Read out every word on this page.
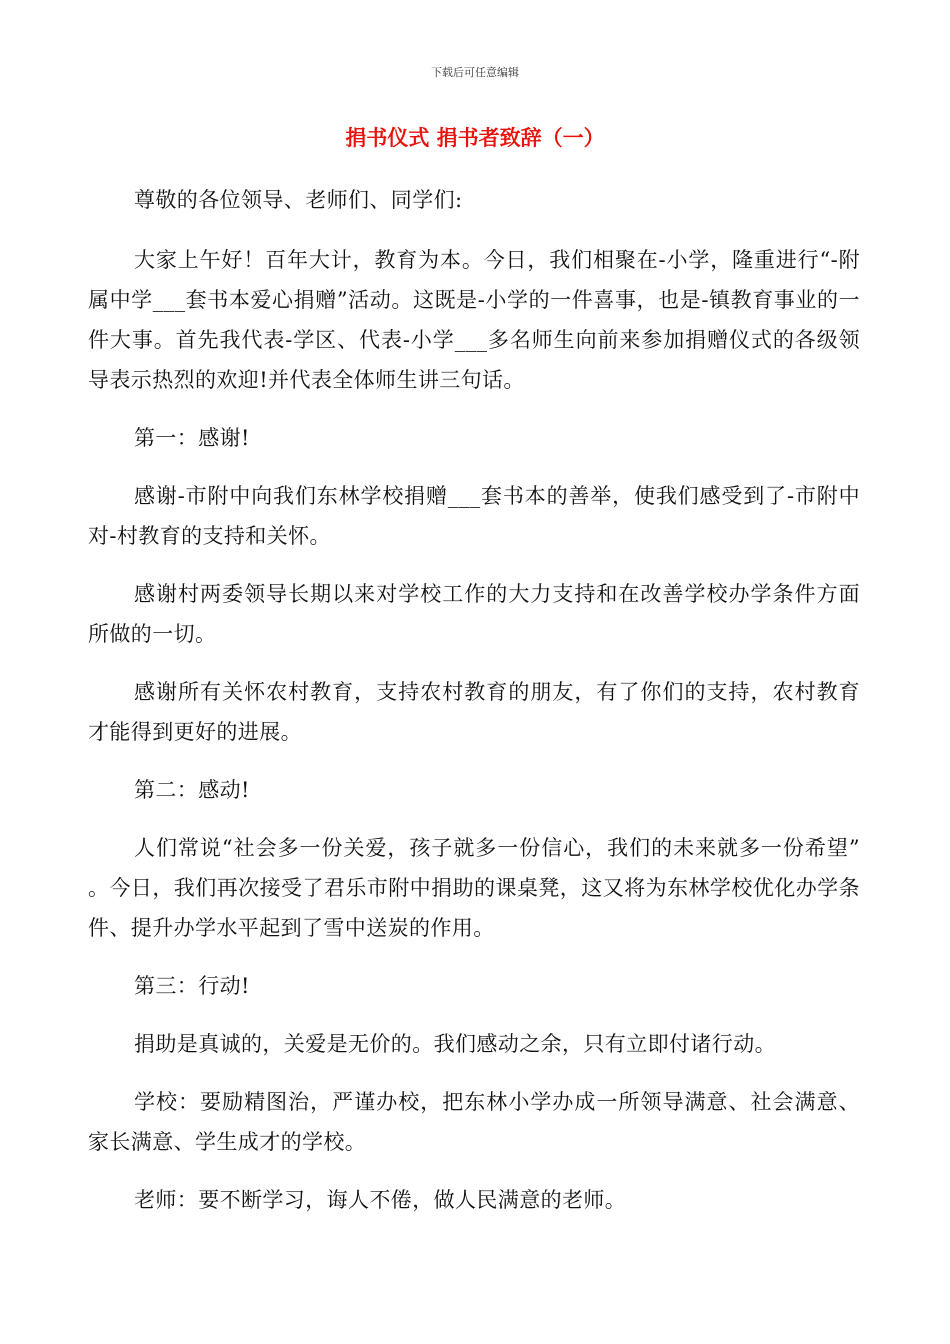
下载后可任意编辑
捐书仪式 捐书者致辞（一）

尊敬的各位领导、老师们、同学们:

大家上午好！百年大计，教育为本。今日，我们相聚在-小学，隆重进行“-附属中学___套书本爱心捐赠”活动。这既是-小学的一件喜事，也是-镇教育事业的一件大事。首先我代表-学区、代表-小学___多名师生向前来参加捐赠仪式的各级领导表示热烈的欢迎!并代表全体师生讲三句话。

第一：感谢!

感谢-市附中向我们东林学校捐赠___套书本的善举，使我们感受到了-市附中对-村教育的支持和关怀。

感谢村两委领导长期以来对学校工作的大力支持和在改善学校办学条件方面所做的一切。

感谢所有关怀农村教育，支持农村教育的朋友，有了你们的支持，农村教育才能得到更好的进展。

第二：感动!

人们常说“社会多一份关爱，孩子就多一份信心，我们的未来就多一份希望” 。今日，我们再次接受了君乐市附中捐助的课桌凳，这又将为东林学校优化办学条件、提升办学水平起到了雪中送炭的作用。

第三：行动!

捐助是真诚的，关爱是无价的。我们感动之余，只有立即付诸行动。

学校：要励精图治，严谨办校，把东林小学办成一所领导满意、社会满意、家长满意、学生成才的学校。

老师：要不断学习，诲人不倦，做人民满意的老师。
